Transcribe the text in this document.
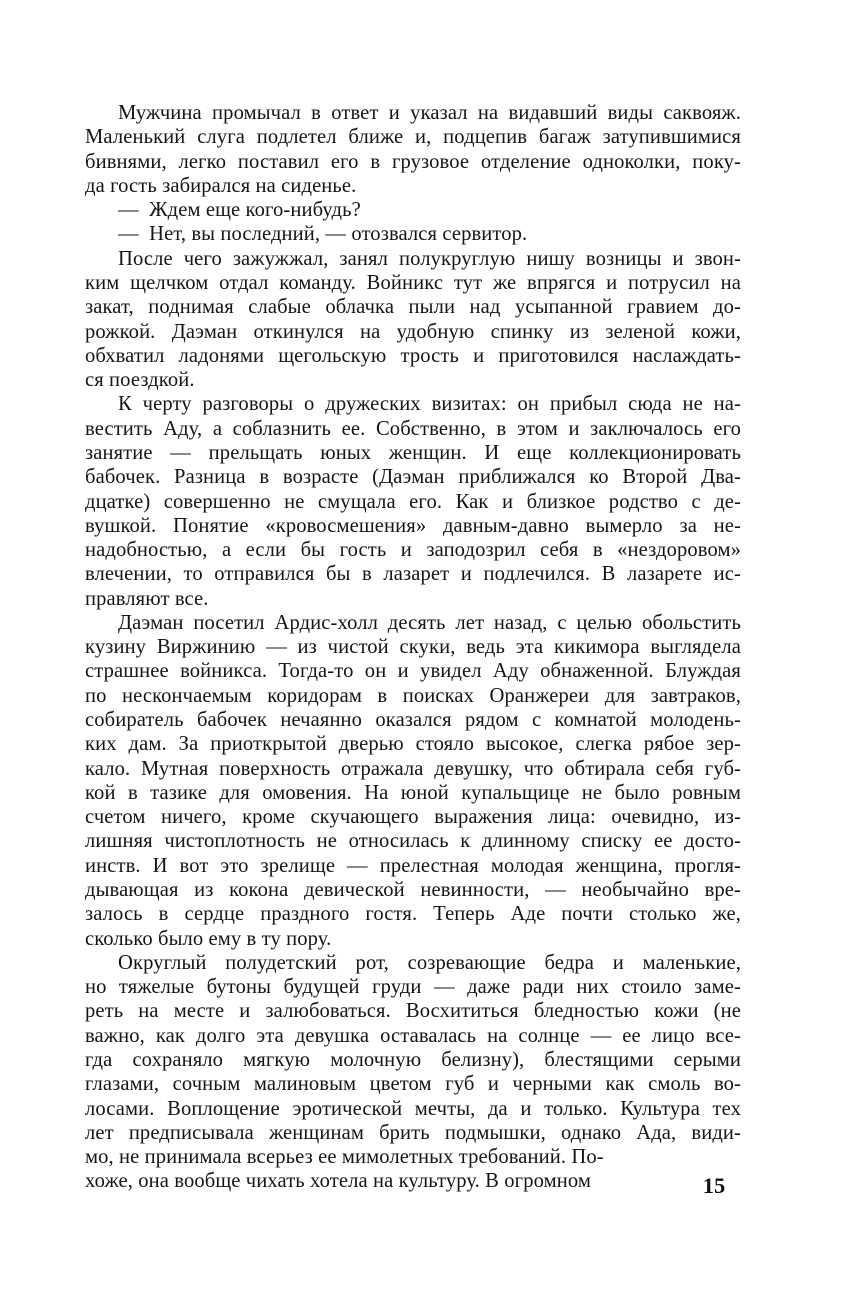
Мужчина промычал в ответ и указал на видавший виды саквояж.
Маленький слуга подлетел ближе и, подцепив багаж затупившимися
бивнями, легко поставил его в грузовое отделение одноколки, поку-
да гость забирался на сиденье.
— Ждем еще кого-нибудь?
— Нет, вы последний, — отозвался сервитор.
После чего зажужжал, занял полукруглую нишу возницы и звон-
ким щелчком отдал команду. Войникс тут же впрягся и потрусил на
закат, поднимая слабые облачка пыли над усыпанной гравием до-
рожкой. Даэман откинулся на удобную спинку из зеленой кожи,
обхватил ладонями щегольскую трость и приготовился наслаждать-
ся поездкой.
К черту разговоры о дружеских визитах: он прибыл сюда не на-
вестить Аду, а соблазнить ее. Собственно, в этом и заключалось его
занятие — прельщать юных женщин. И еще коллекционировать
бабочек. Разница в возрасте (Даэман приближался ко Второй Два-
дцатке) совершенно не смущала его. Как и близкое родство с де-
вушкой. Понятие «кровосмешения» давным-давно вымерло за не-
надобностью, а если бы гость и заподозрил себя в «нездоровом»
влечении, то отправился бы в лазарет и подлечился. В лазарете ис-
правляют все.
Даэман посетил Ардис-холл десять лет назад, с целью обольстить
кузину Виржинию — из чистой скуки, ведь эта кикимора выглядела
страшнее войникса. Тогда-то он и увидел Аду обнаженной. Блуждая
по нескончаемым коридорам в поисках Оранжереи для завтраков,
собиратель бабочек нечаянно оказался рядом с комнатой молодень-
ких дам. За приоткрытой дверью стояло высокое, слегка рябое зер-
кало. Мутная поверхность отражала девушку, что обтирала себя губ-
кой в тазике для омовения. На юной купальщице не было ровным
счетом ничего, кроме скучающего выражения лица: очевидно, из-
лишняя чистоплотность не относилась к длинному списку ее досто-
инств. И вот это зрелище — прелестная молодая женщина, прогля-
дывающая из кокона девической невинности, — необычайно вре-
залось в сердце праздного гостя. Теперь Аде почти столько же,
сколько было ему в ту пору.
Округлый полудетский рот, созревающие бедра и маленькие,
но тяжелые бутоны будущей груди — даже ради них стоило заме-
реть на месте и залюбоваться. Восхититься бледностью кожи (не
важно, как долго эта девушка оставалась на солнце — ее лицо все-
гда сохраняло мягкую молочную белизну), блестящими серыми
глазами, сочным малиновым цветом губ и черными как смоль во-
лосами. Воплощение эротической мечты, да и только. Культура тех
лет предписывала женщинам брить подмышки, однако Ада, види-
мо, не принимала всерьез ее мимолетных требований. По-
хоже, она вообще чихать хотела на культуру. В огромном	15
